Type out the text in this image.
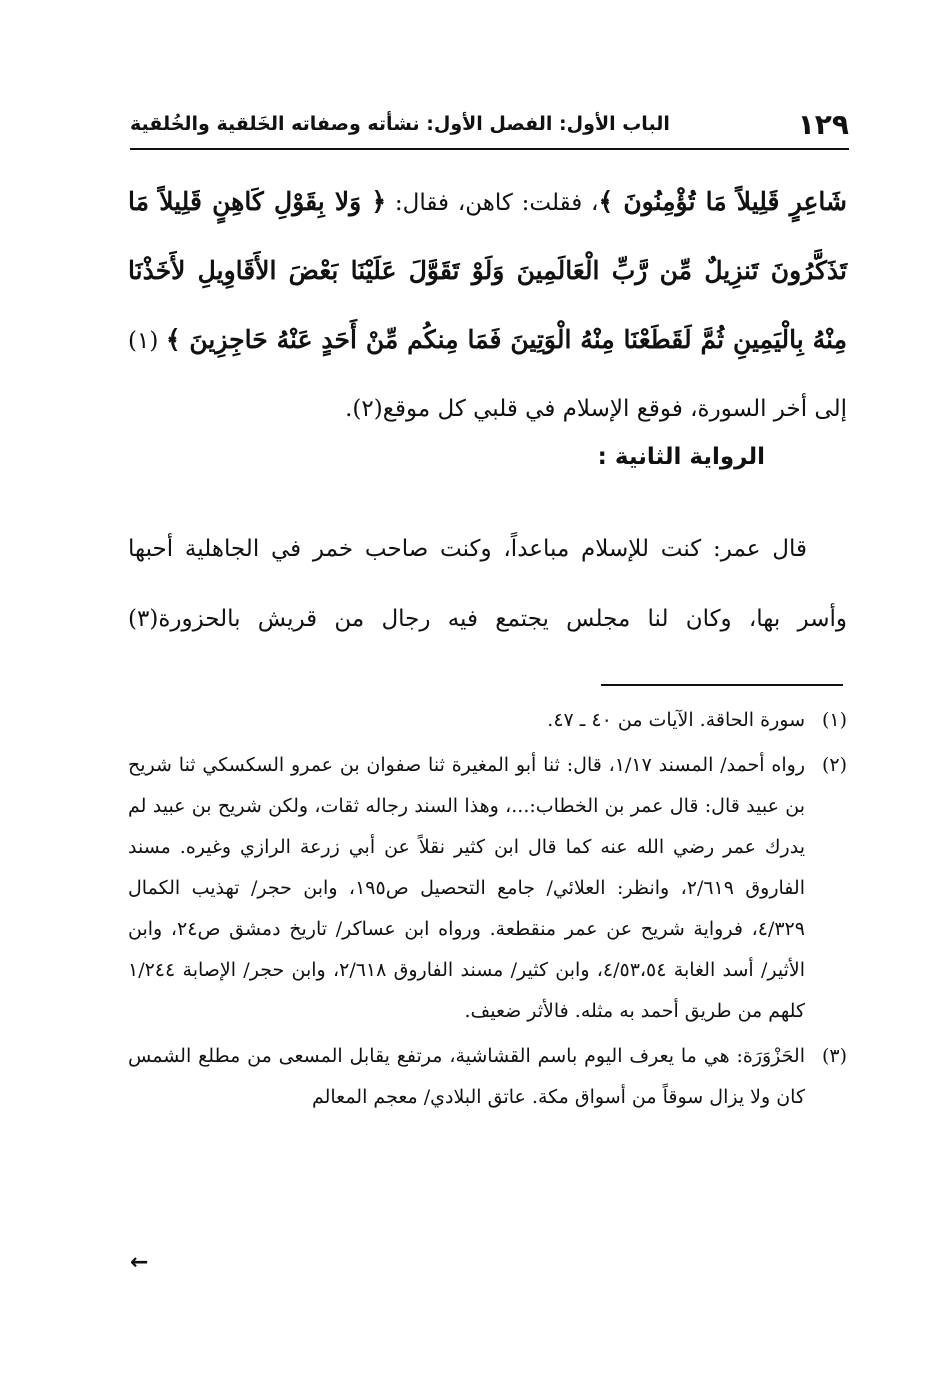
١٢٩
الباب الأول: الفصل الأول: نشأته وصفاته الخَلقية والخُلقية

شَاعِرٍ قَلِيلاً مَا تُؤْمِنُونَ ﴾، فقلت: كاهن، فقال: ﴿ وَلا بِقَوْلِ كَاهِنٍ قَلِيلاً مَا تَذَكَّرُونَ تَنزِيلٌ مِّن رَّبِّ الْعَالَمِينَ وَلَوْ تَقَوَّلَ عَلَيْنَا بَعْضَ الأَقَاوِيلِ لأَخَذْنَا مِنْهُ بِالْيَمِينِ ثُمَّ لَقَطَعْنَا مِنْهُ الْوَتِينَ فَمَا مِنكُم مِّنْ أَحَدٍ عَنْهُ حَاجِزِينَ ﴾ (١) إلى أخر السورة، فوقع الإسلام في قلبي كل موقع(٢).

الرواية الثانية :
قال عمر: كنت للإسلام مباعداً، وكنت صاحب خمر في الجاهلية أحبها وأسر بها، وكان لنا مجلس يجتمع فيه رجال من قريش بالحزورة(٣)
(١)
سورة الحاقة. الآيات من ٤٠ ـ ٤٧.
(٢)
رواه أحمد/ المسند ١/١٧، قال: ثنا أبو المغيرة ثنا صفوان بن عمرو السكسكي ثنا شريح بن عبيد قال: قال عمر بن الخطاب:...، وهذا السند رجاله ثقات، ولكن شريح بن عبيد لم يدرك عمر رضي الله عنه كما قال ابن كثير نقلاً عن أبي زرعة الرازي وغيره. مسند الفاروق ٢/٦١٩، وانظر: العلائي/ جامع التحصيل ص١٩٥، وابن حجر/ تهذيب الكمال ٤/٣٢٩، فرواية شريح عن عمر منقطعة. ورواه ابن عساكر/ تاريخ دمشق ص٢٤، وابن الأثير/ أسد الغابة ٤/٥٣،٥٤، وابن كثير/ مسند الفاروق ٢/٦١٨، وابن حجر/ الإصابة ١/٢٤٤ كلهم من طريق أحمد به مثله. فالأثر ضعيف.
(٣)
الحَزْوَرَة: هي ما يعرف اليوم باسم القشاشية، مرتفع يقابل المسعى من مطلع الشمس كان ولا يزال سوقاً من أسواق مكة. عاتق البلادي/ معجم المعالم
←
